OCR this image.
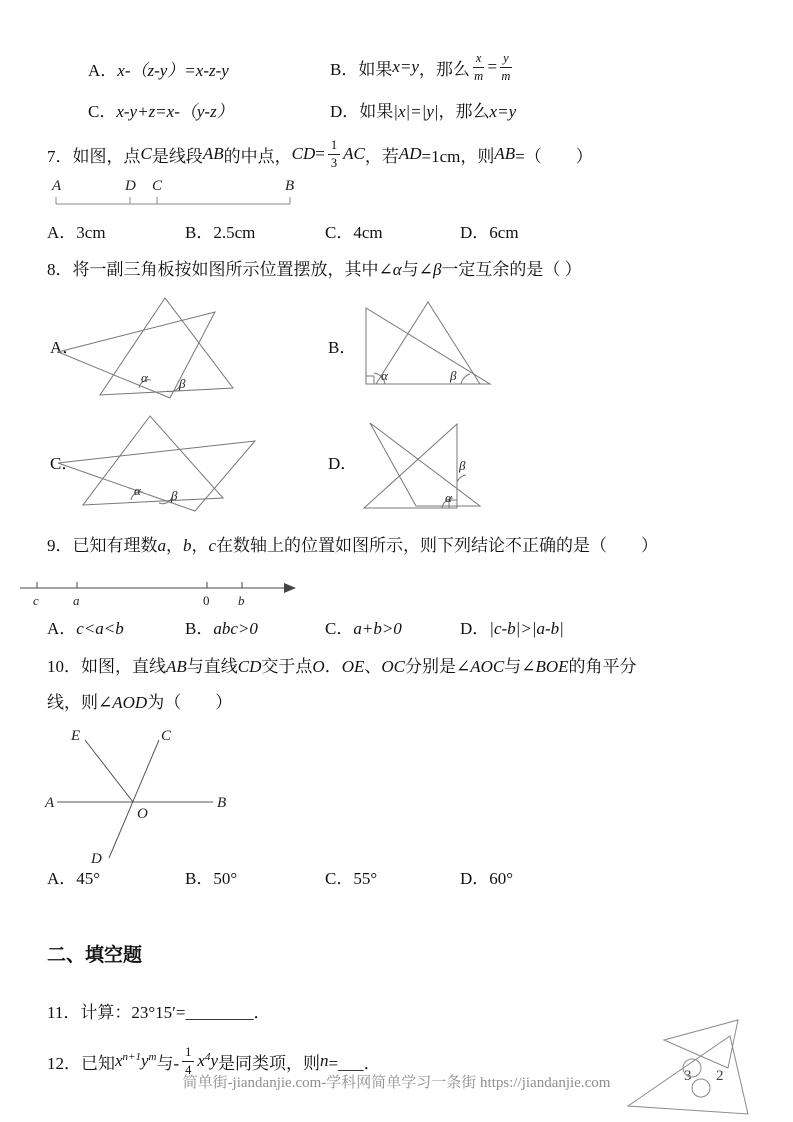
A．x-（z-y）=x-z-y	B． 如果 x=y ，那么 $\frac{x}{m} = \frac{y}{m}$
C．x-y+z=x-（y-z）	D．如果|x|=|y|，那么x=y
7． 如图，点 C 是线段 AB 的中点， CD = $\frac{1}{3}$ AC ，若 AD =1cm，则 AB =（　　）
A	D C	B
A．3cm	B．2.5cm	C．4cm	D．6cm
8．将一副三角板按如图所示位置摆放，其中∠α与∠β一定互余的是（ ）
A．	B．
C．	D．
α β
α	β
α β
β
α
9．已知有理数a，b，c在数轴上的位置如图所示，则下列结论不正确的是（　　）
c	a	0 b
A．c<a<b	B．abc>0	C．a+b>0	D．|c-b|>|a-b|
10．如图，直线AB与直线CD交于点O．OE、OC分别是∠AOC与∠BOE的角平分
线，则∠AOD为（　　）
E	C
A	B
O
D
A．45°	B．50°	C．55°	D．60°
二、填空题
11．计算：23°15′=________．
12． 已知 $x^{n+1}y^m$ 与- $\frac{1}{4} x^4y$ 是同类项，则 n =___．
简单街-jiandanjie.com-学科网简单学习一条街 https://jiandanjie.com	3 2
